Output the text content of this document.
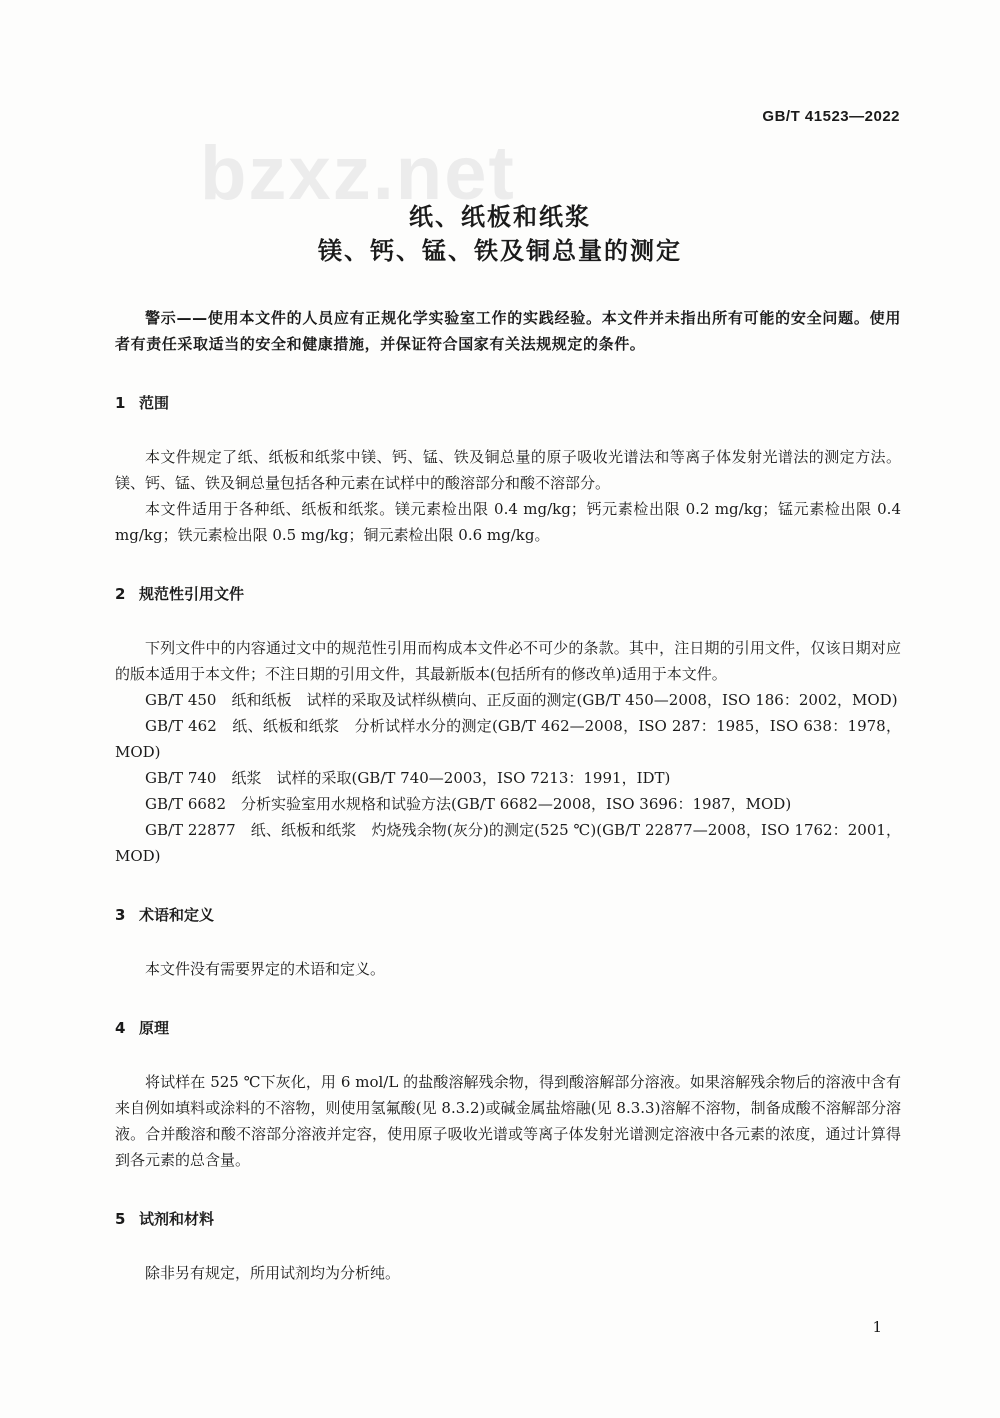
bzxz.net
GB/T 41523—2022
纸、纸板和纸浆
镁、钙、锰、铁及铜总量的测定

警示——使用本文件的人员应有正规化学实验室工作的实践经验。本文件并未指出所有可能的安全问题。使用者有责任采取适当的安全和健康措施，并保证符合国家有关法规规定的条件。

1 范围

本文件规定了纸、纸板和纸浆中镁、钙、锰、铁及铜总量的原子吸收光谱法和等离子体发射光谱法的测定方法。镁、钙、锰、铁及铜总量包括各种元素在试样中的酸溶部分和酸不溶部分。

本文件适用于各种纸、纸板和纸浆。镁元素检出限 0.4 mg/kg；钙元素检出限 0.2 mg/kg；锰元素检出限 0.4 mg/kg；铁元素检出限 0.5 mg/kg；铜元素检出限 0.6 mg/kg。

2 规范性引用文件

下列文件中的内容通过文中的规范性引用而构成本文件必不可少的条款。其中，注日期的引用文件，仅该日期对应的版本适用于本文件；不注日期的引用文件，其最新版本(包括所有的修改单)适用于本文件。

GB/T 450　纸和纸板　试样的采取及试样纵横向、正反面的测定(GB/T 450—2008，ISO 186：2002，MOD)

GB/T 462　纸、纸板和纸浆　分析试样水分的测定(GB/T 462—2008，ISO 287：1985，ISO 638：1978，MOD)

GB/T 740　纸浆　试样的采取(GB/T 740—2003，ISO 7213：1991，IDT)

GB/T 6682　分析实验室用水规格和试验方法(GB/T 6682—2008，ISO 3696：1987，MOD)

GB/T 22877　纸、纸板和纸浆　灼烧残余物(灰分)的测定(525 ℃)(GB/T 22877—2008，ISO 1762：2001，MOD)

3 术语和定义

本文件没有需要界定的术语和定义。

4 原理

将试样在 525 ℃下灰化，用 6 mol/L 的盐酸溶解残余物，得到酸溶解部分溶液。如果溶解残余物后的溶液中含有来自例如填料或涂料的不溶物，则使用氢氟酸(见 8.3.2)或碱金属盐熔融(见 8.3.3)溶解不溶物，制备成酸不溶解部分溶液。合并酸溶和酸不溶部分溶液并定容，使用原子吸收光谱或等离子体发射光谱测定溶液中各元素的浓度，通过计算得到各元素的总含量。

5 试剂和材料

除非另有规定，所用试剂均为分析纯。

1
